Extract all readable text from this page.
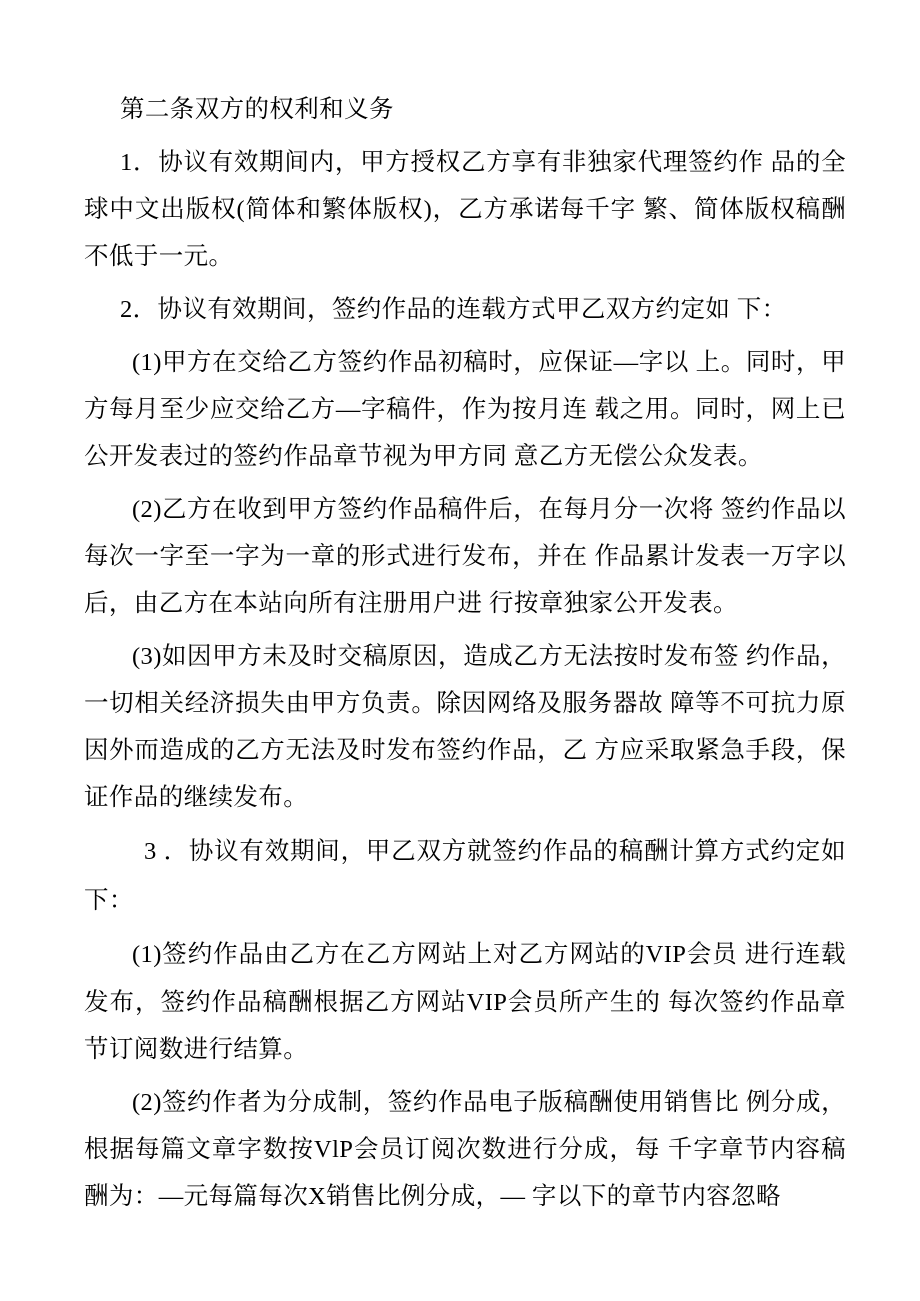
第二条双方的权利和义务

1．协议有效期间内，甲方授权乙方享有非独家代理签约作 品的全球中文出版权(简体和繁体版权)，乙方承诺每千字 繁、简体版权稿酬不低于一元。

2．协议有效期间，签约作品的连载方式甲乙双方约定如 下：

(1)甲方在交给乙方签约作品初稿时，应保证—字以 上。同时，甲方每月至少应交给乙方—字稿件，作为按月连 载之用。同时，网上已公开发表过的签约作品章节视为甲方同 意乙方无偿公众发表。

(2)乙方在收到甲方签约作品稿件后，在每月分一次将 签约作品以每次一字至一字为一章的形式进行发布，并在 作品累计发表一万字以后，由乙方在本站向所有注册用户进 行按章独家公开发表。

(3)如因甲方未及时交稿原因，造成乙方无法按时发布签 约作品，一切相关经济损失由甲方负责。除因网络及服务器故 障等不可抗力原因外而造成的乙方无法及时发布签约作品，乙 方应采取紧急手段，保证作品的继续发布。

3 ．协议有效期间，甲乙双方就签约作品的稿酬计算方式约定如下：

(1)签约作品由乙方在乙方网站上对乙方网站的VIP会员 进行连载发布，签约作品稿酬根据乙方网站VIP会员所产生的 每次签约作品章节订阅数进行结算。

(2)签约作者为分成制，签约作品电子版稿酬使用销售比 例分成，根据每篇文章字数按VlP会员订阅次数进行分成，每 千字章节内容稿酬为：—元每篇每次X销售比例分成，— 字以下的章节内容忽略
